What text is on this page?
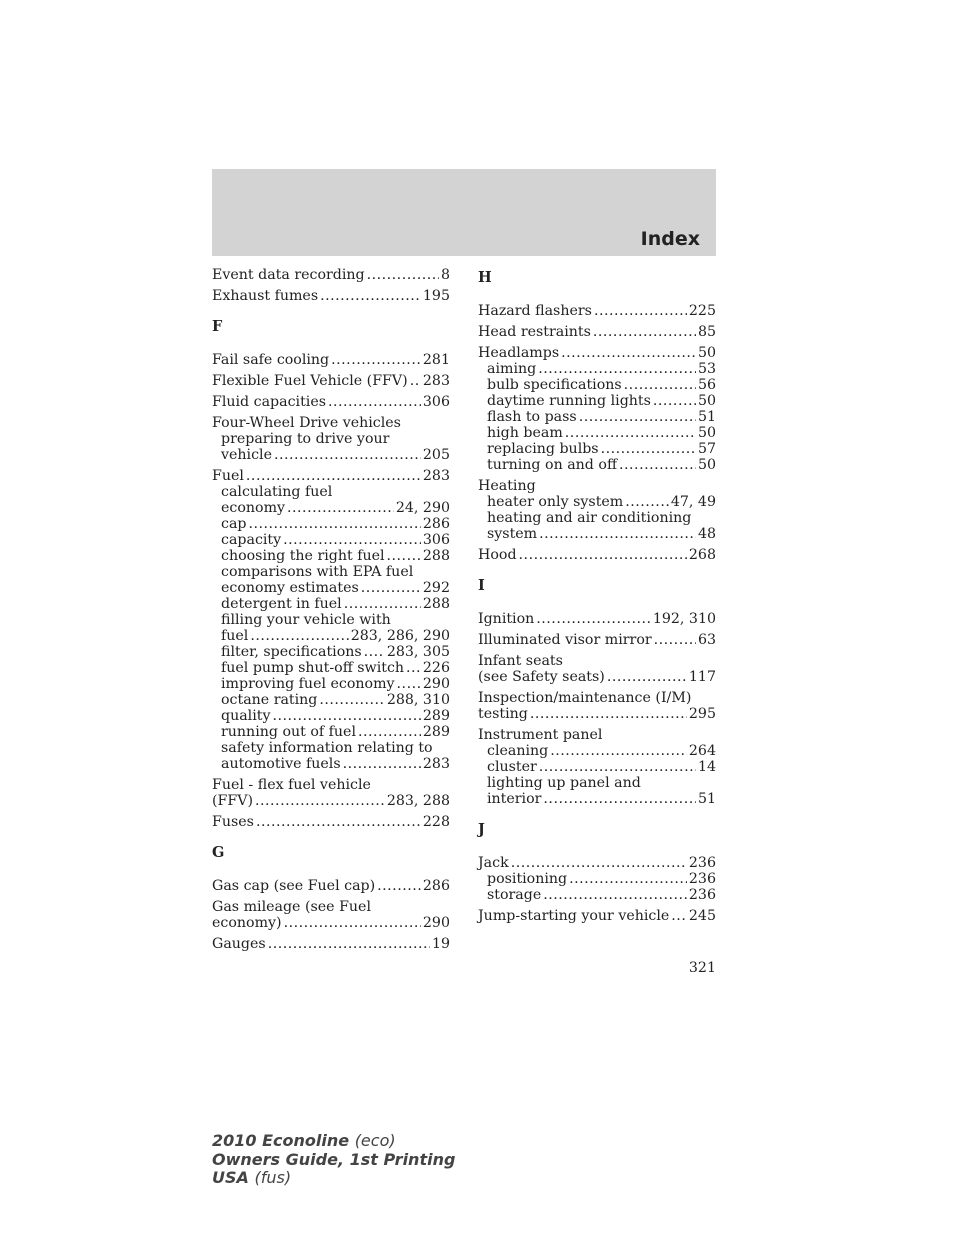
Index
Event data recording .....	8
Exhaust fumes .....	195
F
Fail safe cooling .....	281
Flexible Fuel Vehicle (FFV) ..... 283
Fluid capacities .....	306
Four-Wheel Drive vehicles
preparing to drive your
vehicle .....	205
Fuel .....	283
calculating fuel
economy .....	24, 290
cap .....	286
capacity .....	306
choosing the right fuel .....	288
comparisons with EPA fuel
economy estimates .....	292
detergent in fuel .....	288
filling your vehicle with
fuel .....	283, 286, 290
filter, specifications ..... 283, 305
fuel pump shut-off switch ..... 226
improving fuel economy ..... 290
octane rating .....	288, 310
quality .....	289
running out of fuel .....	289
safety information relating to
automotive fuels .....	283
Fuel - flex fuel vehicle
(FFV) .....	283, 288
Fuses .....	228
G
Gas cap (see Fuel cap) .....	286
Gas mileage (see Fuel
economy) .....	290
Gauges .....	19
H
Hazard flashers .....	225
Head restraints .....	85
Headlamps .....	50
aiming .....	53
bulb specifications .....	56
daytime running lights .....	50
flash to pass .....	51
high beam .....	50
replacing bulbs .....	57
turning on and off .....	50
Heating
heater only system .....	47, 49
heating and air conditioning
system .....	48
Hood .....	268
I
Ignition .....	192, 310
Illuminated visor mirror .....	63
Infant seats
(see Safety seats) .....	117
Inspection/maintenance (I/M)
testing .....	295
Instrument panel
cleaning .....	264
cluster .....	14
lighting up panel and
interior .....	51
J
Jack .....	236
positioning .....	236
storage .....	236
Jump-starting your vehicle ..... 245
321
2010 Econoline (eco)
Owners Guide, 1st Printing
USA (fus)
